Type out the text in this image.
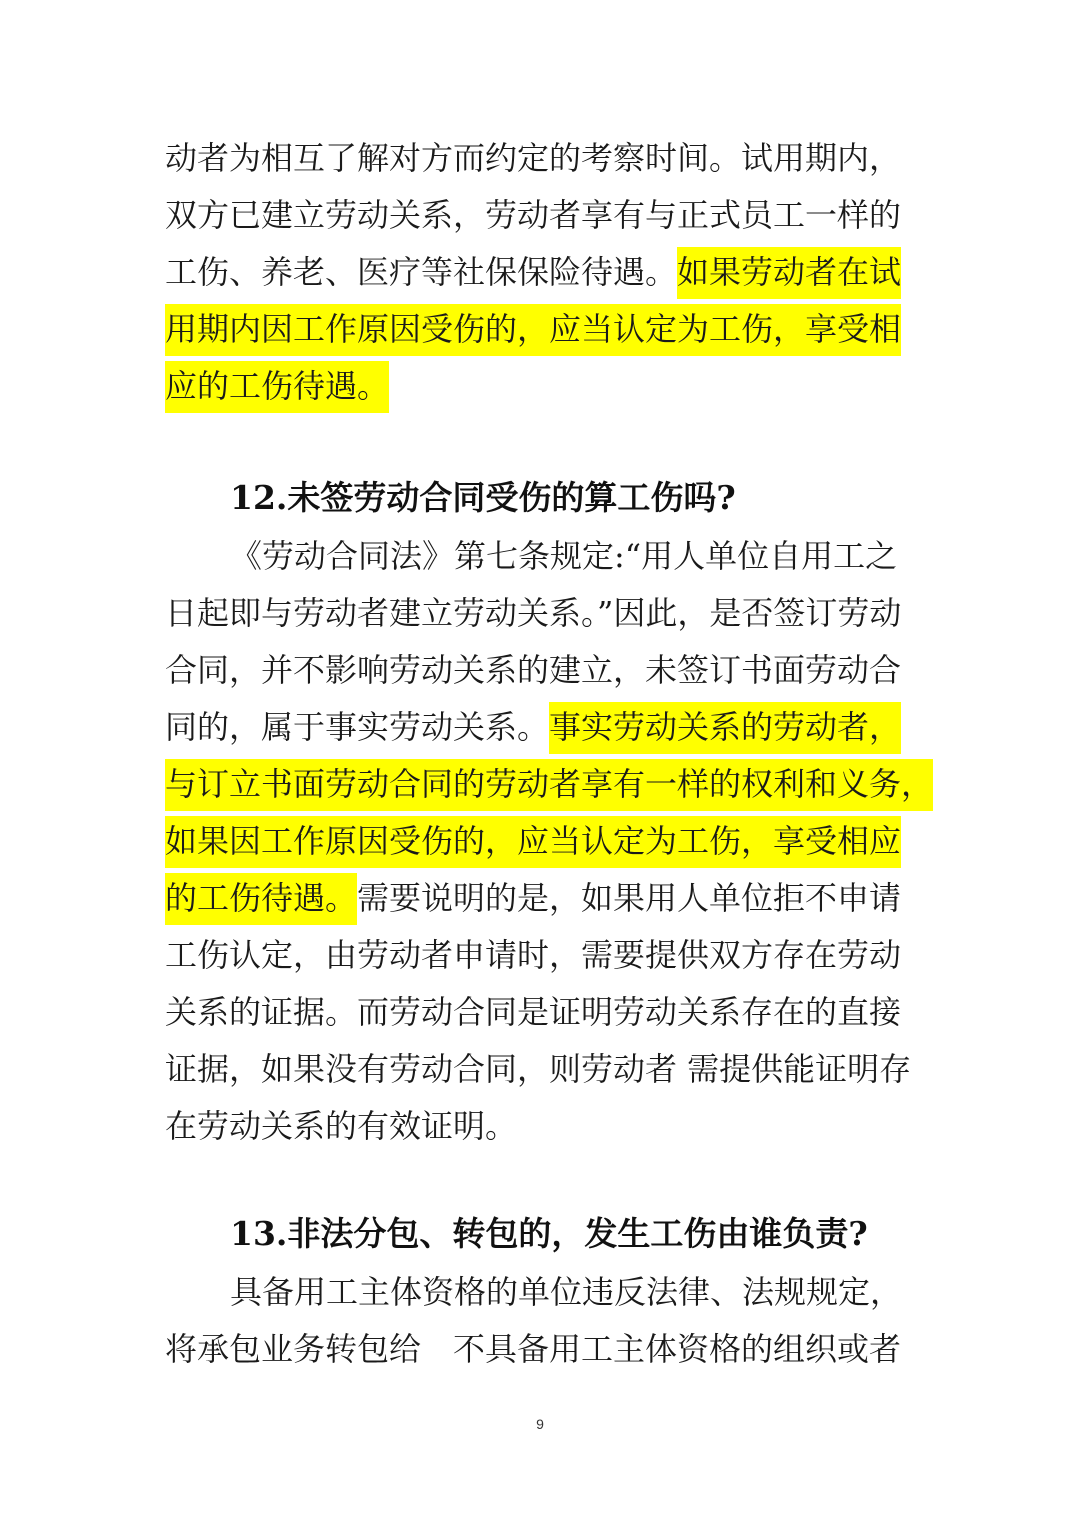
动者为相互了解对方而约定的考察时间。试用期内，
双方已建立劳动关系，劳动者享有与正式员工一样的
工伤、养老、医疗等社保保险待遇。如果劳动者在试
用期内因工作原因受伤的，应当认定为工伤，享受相
应的工伤待遇。
12.未签劳动合同受伤的算工伤吗?
《劳动合同法》第七条规定:“用人单位自用工之
日起即与劳动者建立劳动关系。”因此，是否签订劳动
合同，并不影响劳动关系的建立，未签订书面劳动合
同的，属于事实劳动关系。事实劳动关系的劳动者，
与订立书面劳动合同的劳动者享有一样的权利和义务，
如果因工作原因受伤的，应当认定为工伤，享受相应
的工伤待遇。需要说明的是，如果用人单位拒不申请
工伤认定，由劳动者申请时，需要提供双方存在劳动
关系的证据。而劳动合同是证明劳动关系存在的直接
证据，如果没有劳动合同，则劳动者 需提供能证明存
在劳动关系的有效证明。
13.非法分包、转包的，发生工伤由谁负责?
具备用工主体资格的单位违反法律、法规规定，
将承包业务转包给　不具备用工主体资格的组织或者
9
